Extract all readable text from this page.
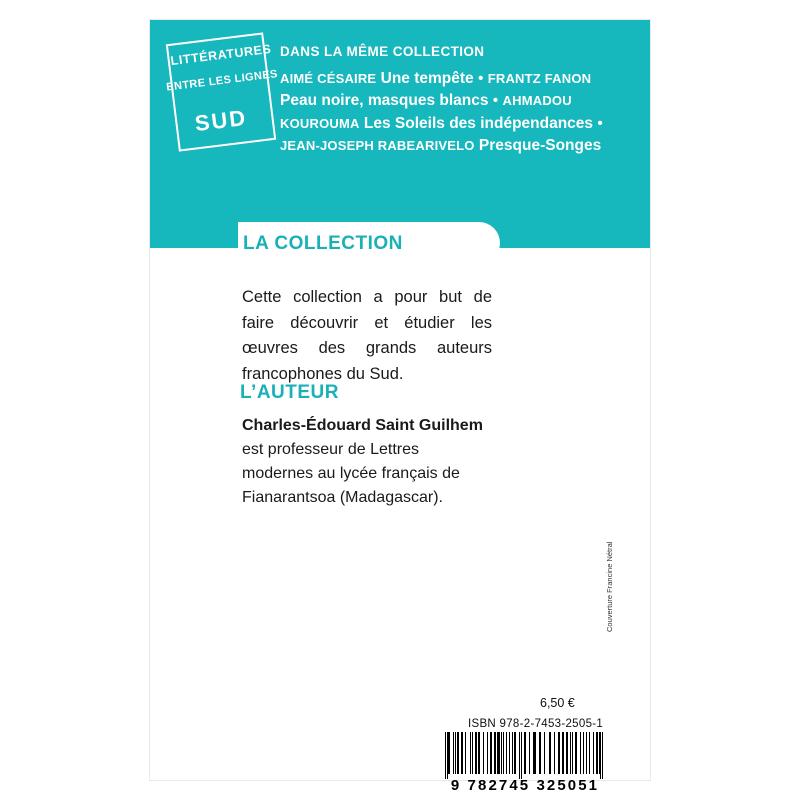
LITTÉRATURES
ENTRE LES LIGNES
SUD
DANS LA MÊME COLLECTION
AIMÉ CÉSAIRE Une tempête • FRANTZ FANON Peau noire, masques blancs • AHMADOU KOUROUMA Les Soleils des indépendances • JEAN-JOSEPH RABEARIVELO Presque-Songes
LA COLLECTION
Cette collection a pour but de faire découvrir et étudier les œuvres des grands auteurs francophones du Sud.
L’AUTEUR
Charles-Édouard Saint Guilhem est professeur de Lettres modernes au lycée français de Fianarantsoa (Madagascar).
6,50 €
ISBN 978-2-7453-2505-1
Couverture Francine Nétral
9 782745 325051
